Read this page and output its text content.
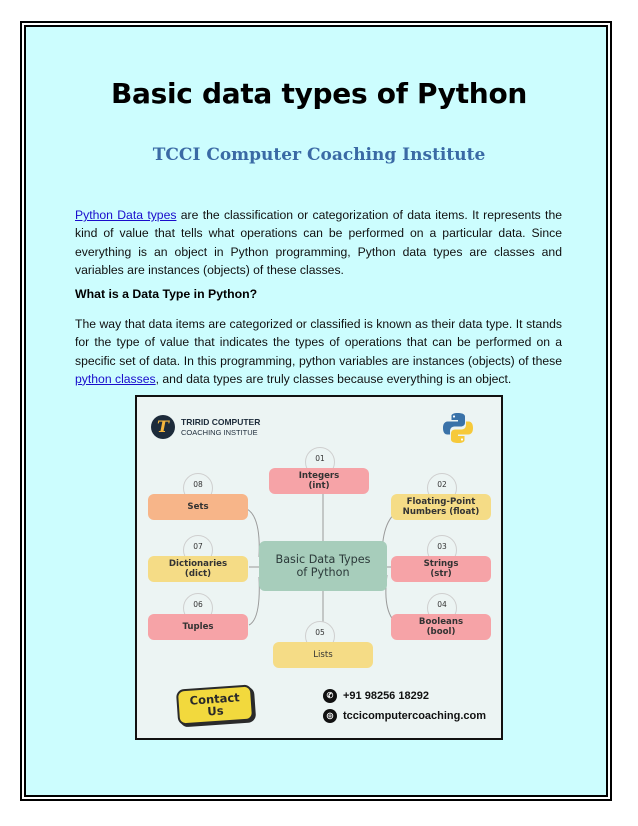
Basic data types of Python
TCCI Computer Coaching Institute

Python Data types are the classification or categorization of data items. It represents the kind of value that tells what operations can be performed on a particular data. Since everything is an object in Python programming, Python data types are classes and variables are instances (objects) of these classes.

What is a Data Type in Python?

The way that data items are categorized or classified is known as their data type. It stands for the type of value that indicates the types of operations that can be performed on a specific set of data. In this programming, python variables are instances (objects) of these python classes, and data types are truly classes because everything is an object.

T	TRIRID COMPUTER
COACHING INSTITUE
Basic Data Types
of Python
01
Integers
(int)	02
Floating-Point
Numbers (float)
03
Strings
(str)
04
Booleans
(bool)
05
Lists
06
Tuples
07
Dictionaries
(dict)
08
Sets
Contact Us
✆ +91 98256 18292
◎ tccicomputercoaching.com
